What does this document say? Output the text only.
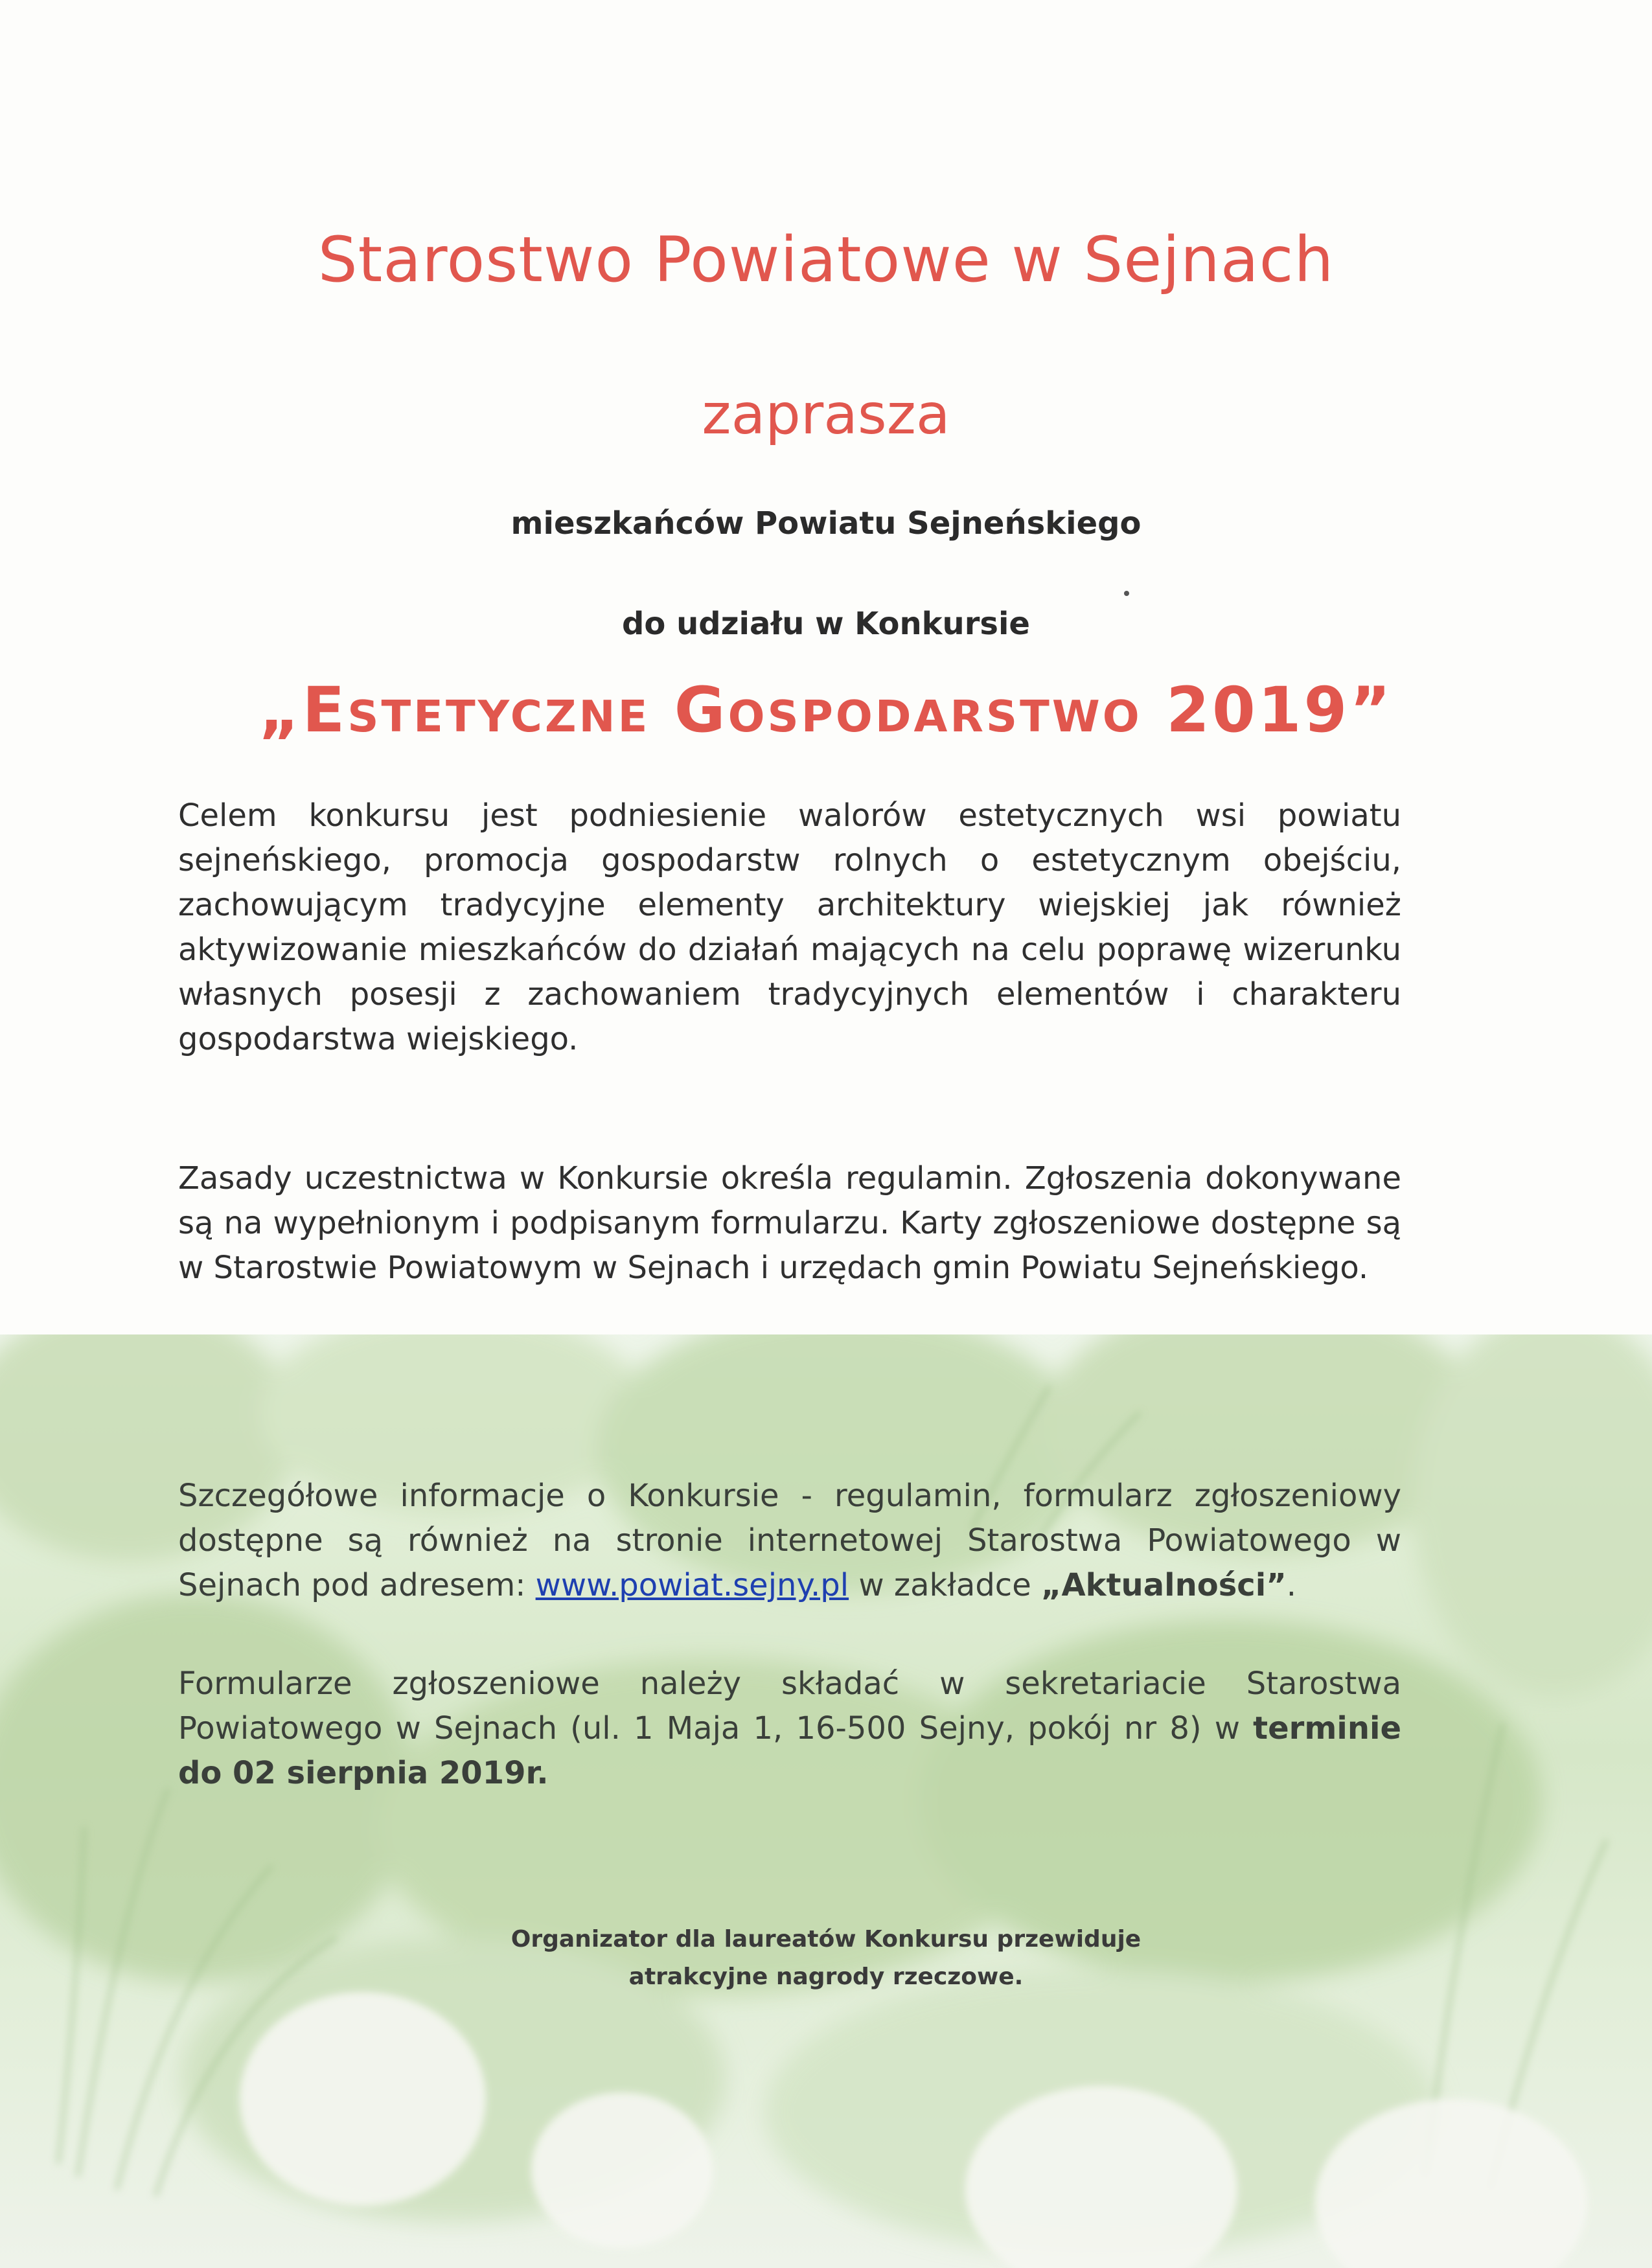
Starostwo Powiatowe w Sejnach
zaprasza
mieszkańców Powiatu Sejneńskiego
do udziału w Konkursie
„Estetyczne Gospodarstwo 2019”
Celem konkursu jest podniesienie walorów estetycznych wsi powiatu sejneńskiego, promocja gospodarstw rolnych o estetycznym obejściu, zachowującym tradycyjne elementy architektury wiejskiej jak również aktywizowanie mieszkańców do działań mających na celu poprawę wizerunku własnych posesji z zachowaniem tradycyjnych elementów i charakteru gospodarstwa wiejskiego.
Zasady uczestnictwa w Konkursie określa regulamin. Zgłoszenia dokonywane są na wypełnionym i podpisanym formularzu. Karty zgłoszeniowe dostępne są w Starostwie Powiatowym w Sejnach i urzędach gmin Powiatu Sejneńskiego.
Szczegółowe informacje o Konkursie - regulamin, formularz zgłoszeniowy dostępne są również na stronie internetowej Starostwa Powiatowego w Sejnach pod adresem: www.powiat.sejny.pl w zakładce „Aktualności”.
Formularze zgłoszeniowe należy składać w sekretariacie Starostwa Powiatowego w Sejnach (ul. 1 Maja 1, 16-500 Sejny, pokój nr 8) w terminie do 02 sierpnia 2019r.
Organizator dla laureatów Konkursu przewiduje
atrakcyjne nagrody rzeczowe.
